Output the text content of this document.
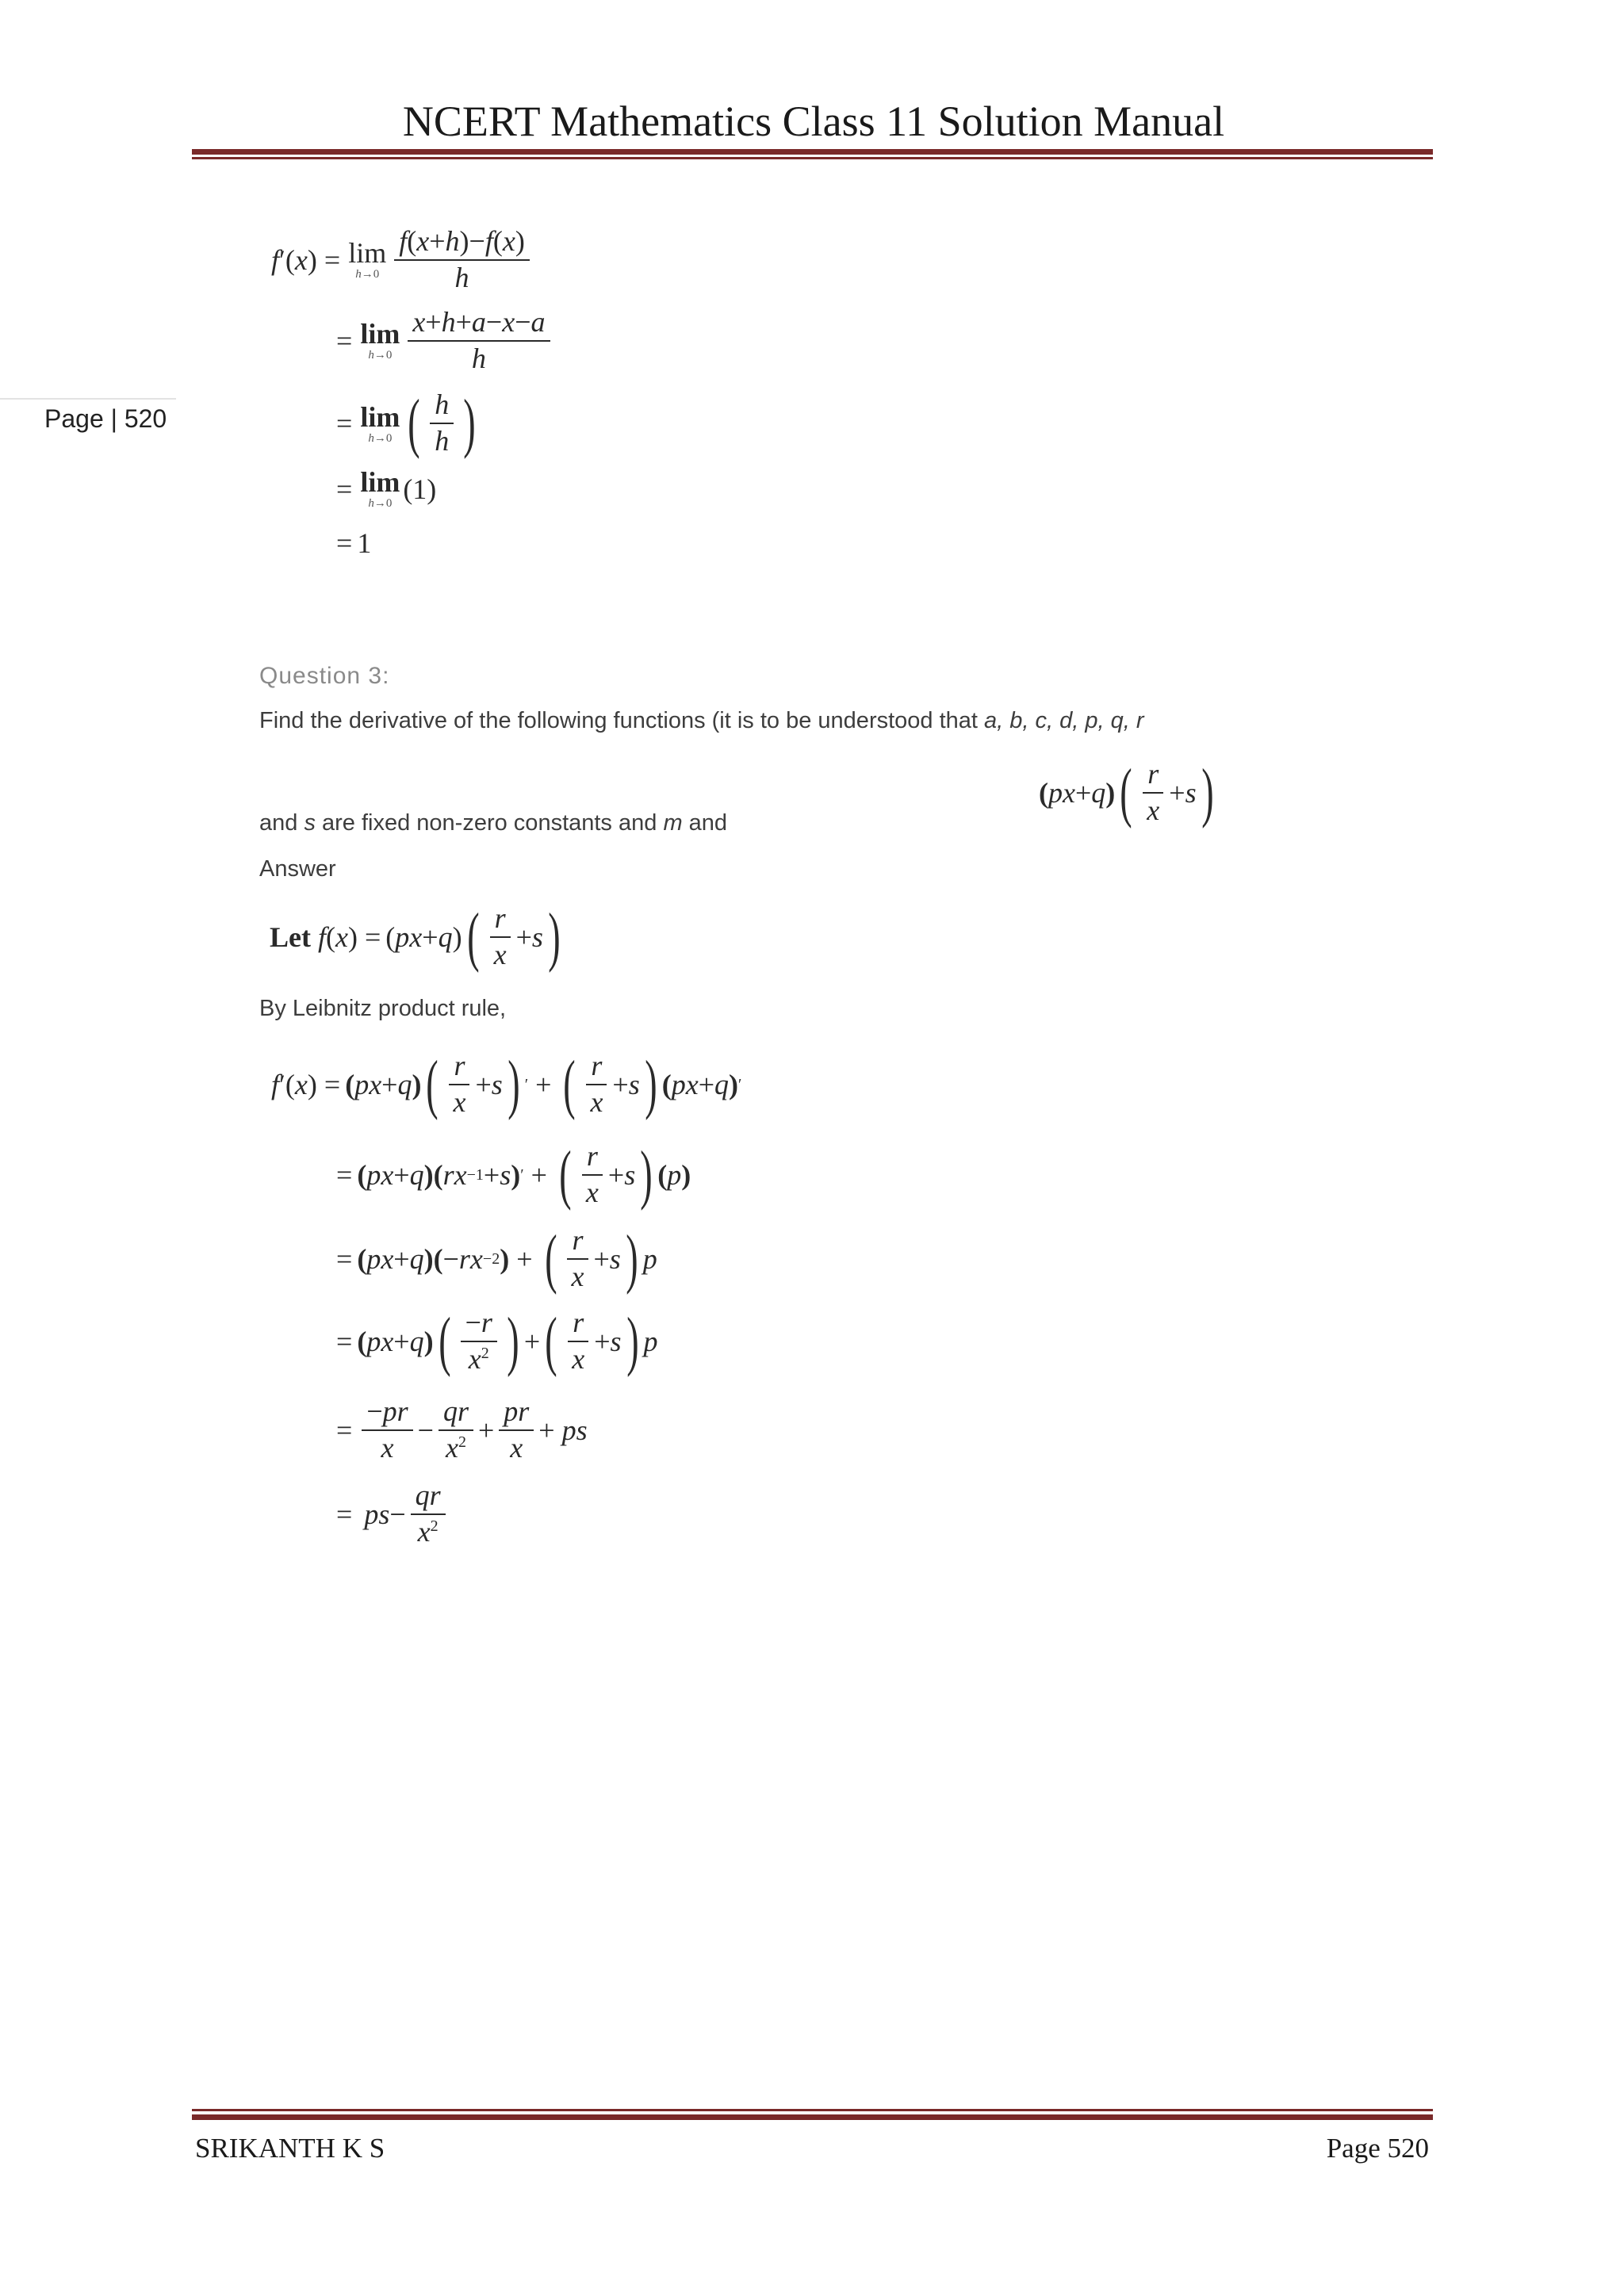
NCERT Mathematics Class 11 Solution Manual
Page | 520
f ′( x ) = lim
$h\to 0 \frac{f(x+h)-f(x)}{h}$
= lim
$h\to 0 \frac{x+h+a-x-a}{h}$
= lim
h→0 ( $\frac{h}{h}$ )
= lim
h→0 (1)
= 1
Question 3:
Find the derivative of the following functions (it is to be understood that a, b, c, d, p, q, r
and s are fixed non-zero constants and m and
( px + q ) ( $\frac{r}{x} + s$ )
Answer
Let
f ( x ) = ( px + q ) ( $\frac{r}{x} + s$ )
By Leibnitz product rule,
f ′( x ) = ( px + q ) ( $\frac{r}{x} + s$ ) ′ + ( $\frac{r}{x} + s$ ) ( px + q ) ′
= ( px + q ) ( rx −1 + s ) ′ + ( $\frac{r}{x} + s$ ) ( p )
= ( px + q ) ( − rx −2 ) + ( $\frac{r}{x} + s$ ) p
= ( px + q ) ( $\frac{-r}{x^2}$ ) + ( $\frac{r}{x} + s$ ) p
= $\frac{-pr}{x} - \frac{qr}{x^2} + \frac{pr}{x}$ + ps
=
ps − $\frac{qr}{x^2}$
SRIKANTH K S	Page 520
